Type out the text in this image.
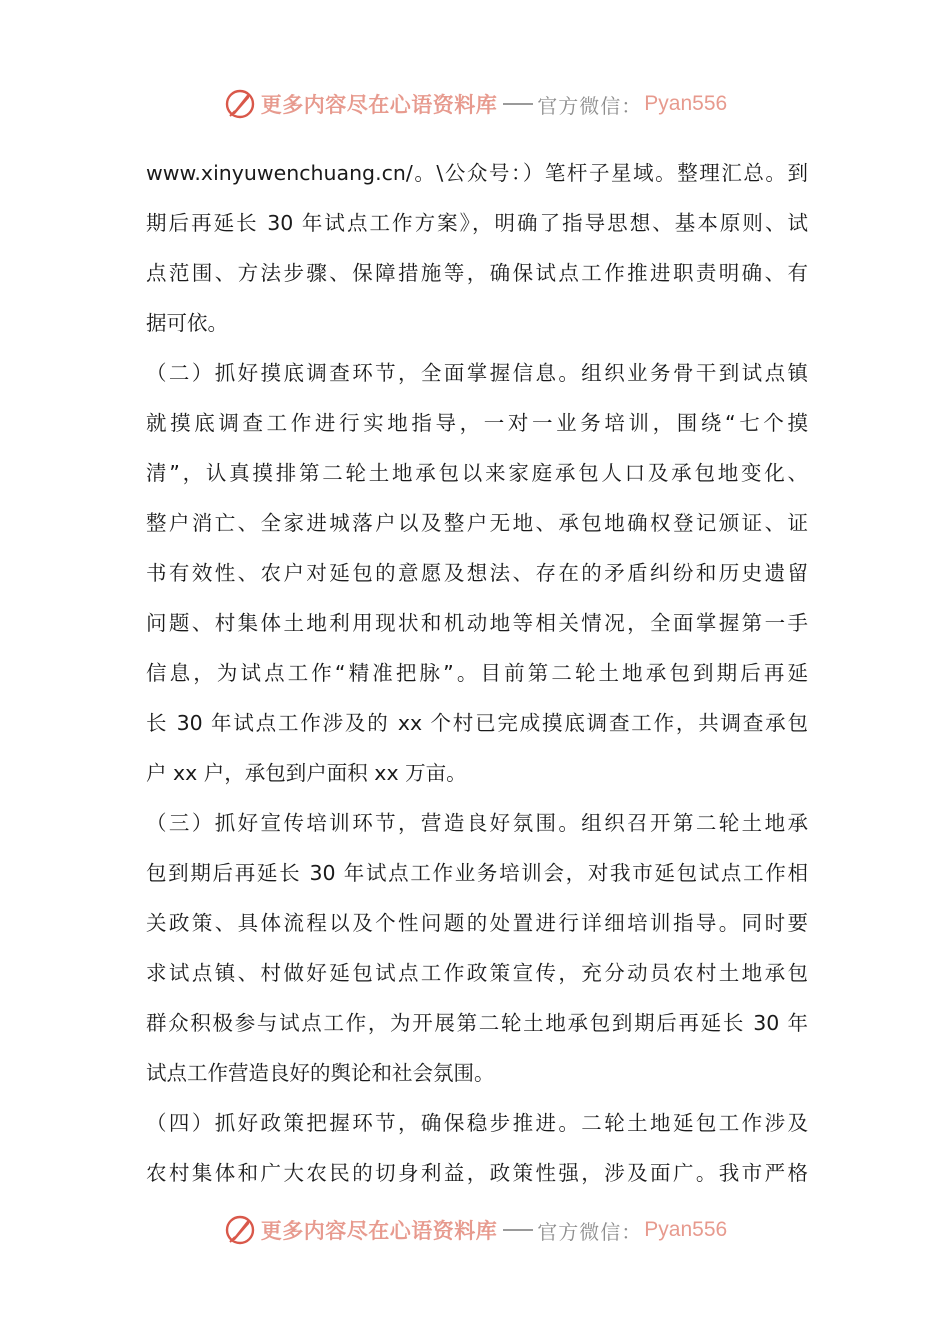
更多内容尽在心语资料库 官方微信： Pyan556
www.xinyuwenchuang.cn/。\公众号：）笔杆子星域。整理汇总。到
期后再延长 30 年试点工作方案》，明确了指导思想、基本原则、试
点范围、方法步骤、保障措施等，确保试点工作推进职责明确、有
据可依。
（二）抓好摸底调查环节，全面掌握信息。组织业务骨干到试点镇
就摸底调查工作进行实地指导，一对一业务培训，围绕“七个摸
清”，认真摸排第二轮土地承包以来家庭承包人口及承包地变化、
整户消亡、全家进城落户以及整户无地、承包地确权登记颁证、证
书有效性、农户对延包的意愿及想法、存在的矛盾纠纷和历史遗留
问题、村集体土地利用现状和机动地等相关情况，全面掌握第一手
信息，为试点工作“精准把脉”。目前第二轮土地承包到期后再延
长 30 年试点工作涉及的 xx 个村已完成摸底调查工作，共调查承包
户 xx 户，承包到户面积 xx 万亩。
（三）抓好宣传培训环节，营造良好氛围。组织召开第二轮土地承
包到期后再延长 30 年试点工作业务培训会，对我市延包试点工作相
关政策、具体流程以及个性问题的处置进行详细培训指导。同时要
求试点镇、村做好延包试点工作政策宣传，充分动员农村土地承包
群众积极参与试点工作，为开展第二轮土地承包到期后再延长 30 年
试点工作营造良好的舆论和社会氛围。
（四）抓好政策把握环节，确保稳步推进。二轮土地延包工作涉及
农村集体和广大农民的切身利益，政策性强，涉及面广。我市严格
更多内容尽在心语资料库 官方微信： Pyan556
